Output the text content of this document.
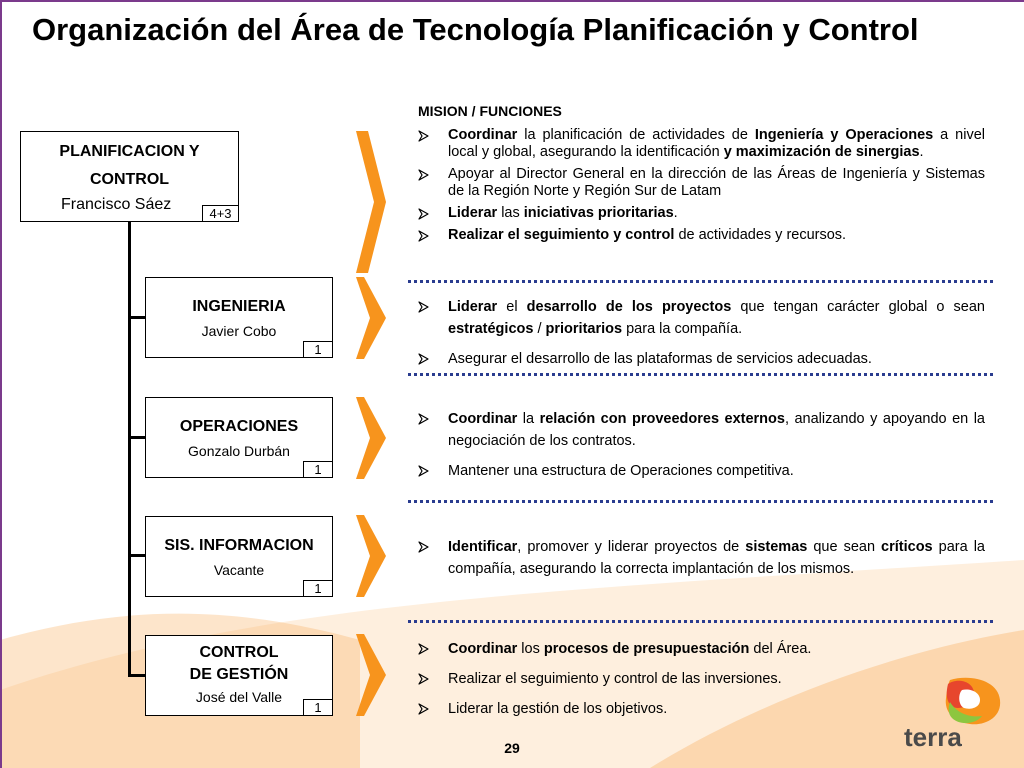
Organización del Área de Tecnología Planificación y Control
PLANIFICACION Y
CONTROL
Francisco Sáez
4+3
INGENIERIA
Javier Cobo
1
OPERACIONES
Gonzalo Durbán
1
SIS. INFORMACION
Vacante
1
CONTROL
DE GESTIÓN
José del Valle
1
MISION / FUNCIONES
Coordinar la planificación de actividades de Ingeniería y Operaciones a nivel local y global, asegurando la identificación y maximización de sinergias.
Apoyar al Director General en la dirección de las Áreas de Ingeniería y Sistemas de la Región Norte y Región Sur de Latam
Liderar las iniciativas prioritarias.
Realizar el seguimiento y control de actividades y recursos.
Liderar el desarrollo de los proyectos que tengan carácter global o sean estratégicos / prioritarios para la compañía.
Asegurar el desarrollo de las plataformas de servicios adecuadas.
Coordinar la relación con proveedores externos, analizando y apoyando en la negociación de los contratos.
Mantener una estructura de Operaciones competitiva.
Identificar, promover y liderar proyectos de sistemas que sean críticos para la compañía, asegurando la correcta implantación de los mismos.
Coordinar los procesos de presupuestación del Área.
Realizar el seguimiento y control de las inversiones.
Liderar la gestión de los objetivos.
29	terra
